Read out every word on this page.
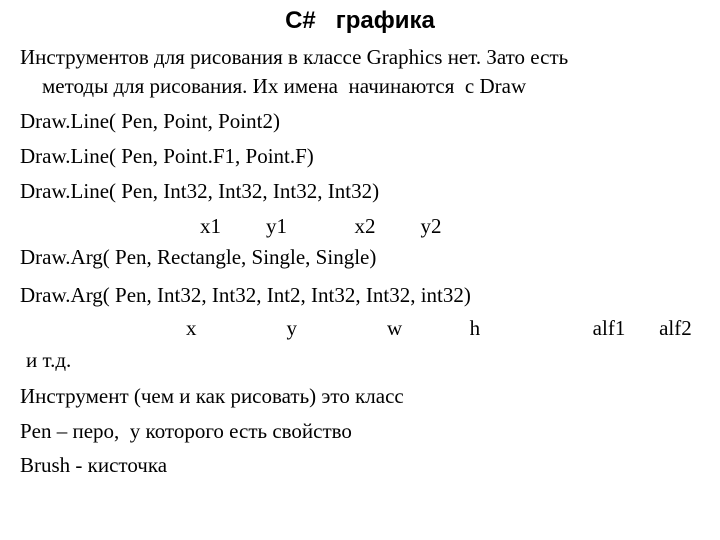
C#   графика
Инструментов для рисования в классе Graphics нет. Зато есть
методы для рисования. Их имена  начинаются  с Draw
Draw.Line( Pen, Point, Point2)
Draw.Line( Pen, Point.F1, Point.F)
Draw.Line( Pen, Int32, Int32, Int32, Int32)
x1    y1      x2    y2
Draw.Arg( Pen, Rectangle, Single, Single)
Draw.Arg( Pen, Int32, Int32, Int2, Int32, Int32, int32)
x        y        w      h          alf1   alf2
и т.д.
Инструмент (чем и как рисовать) это класс
Pen – перо,  у которого есть свойство
Brush - кисточка
